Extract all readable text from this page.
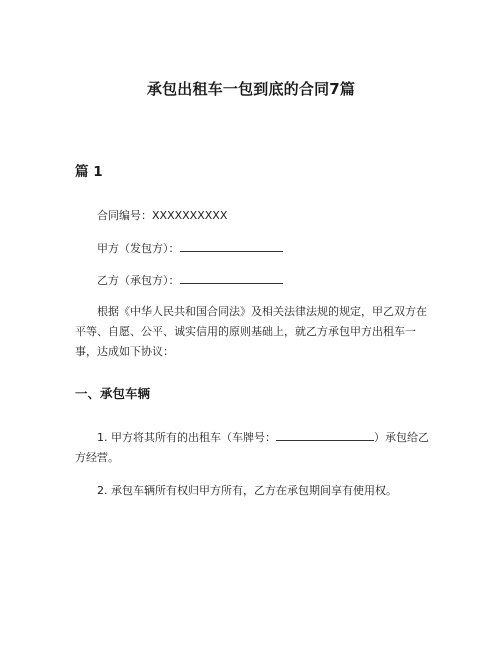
承包出租车一包到底的合同7篇
篇 1

合同编号：XXXXXXXXXX

甲方（发包方）：

乙方（承包方）：

根据《中华人民共和国合同法》及相关法律法规的规定，甲乙双方在平等、自愿、公平、诚实信用的原则基础上，就乙方承包甲方出租车一事，达成如下协议：

一、承包车辆

1. 甲方将其所有的出租车（车牌号：	）承包给乙方经营。

2. 承包车辆所有权归甲方所有，乙方在承包期间享有使用权。
